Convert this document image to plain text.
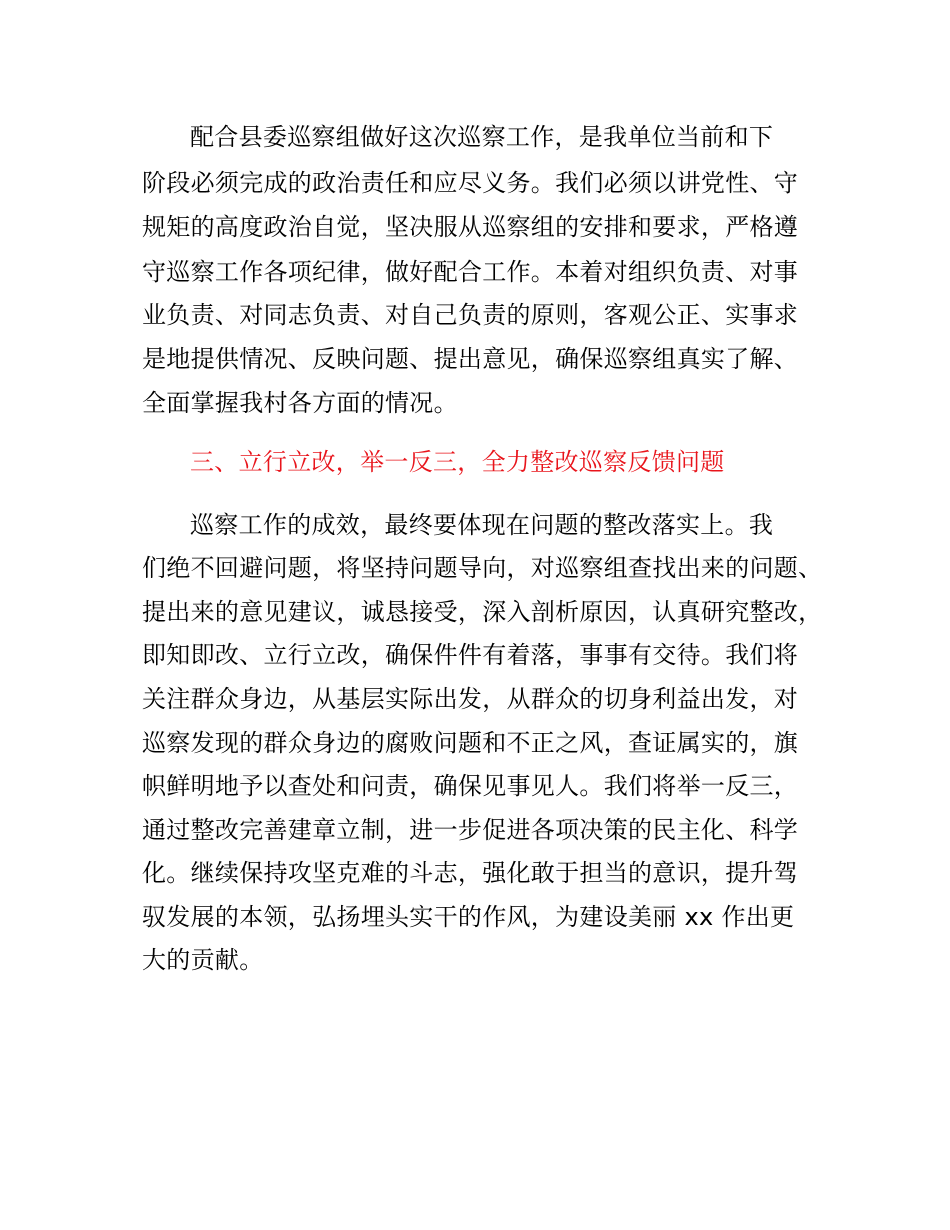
配合县委巡察组做好这次巡察工作，是我单位当前和下
阶段必须完成的政治责任和应尽义务。我们必须以讲党性、守
规矩的高度政治自觉，坚决服从巡察组的安排和要求，严格遵
守巡察工作各项纪律，做好配合工作。本着对组织负责、对事
业负责、对同志负责、对自己负责的原则，客观公正、实事求
是地提供情况、反映问题、提出意见，确保巡察组真实了解、
全面掌握我村各方面的情况。
三、立行立改，举一反三，全力整改巡察反馈问题
巡察工作的成效，最终要体现在问题的整改落实上。我
们绝不回避问题，将坚持问题导向，对巡察组查找出来的问题、
提出来的意见建议，诚恳接受，深入剖析原因，认真研究整改，
即知即改、立行立改，确保件件有着落，事事有交待。我们将
关注群众身边，从基层实际出发，从群众的切身利益出发，对
巡察发现的群众身边的腐败问题和不正之风，查证属实的，旗
帜鲜明地予以查处和问责，确保见事见人。我们将举一反三，
通过整改完善建章立制，进一步促进各项决策的民主化、科学
化。继续保持攻坚克难的斗志，强化敢于担当的意识，提升驾
驭发展的本领，弘扬埋头实干的作风，为建设美丽 xx 作出更
大的贡献。
